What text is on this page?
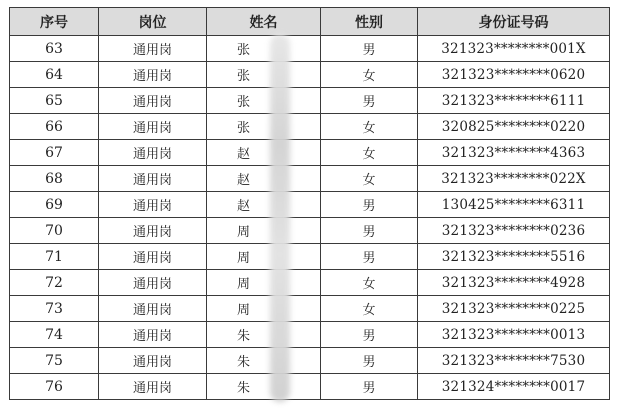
序号	岗位	姓名	性别	身份证号码
63	通用岗	张	男	321323********001X
64	通用岗	张	女	321323********0620
65	通用岗	张	男	321323********6111
66	通用岗	张	女	320825********0220
67	通用岗	赵	女	321323********4363
68	通用岗	赵	女	321323********022X
69	通用岗	赵	男	130425********6311
70	通用岗	周	男	321323********0236
71	通用岗	周	男	321323********5516
72	通用岗	周	女	321323********4928
73	通用岗	周	女	321323********0225
74	通用岗	朱	男	321323********0013
75	通用岗	朱	男	321323********7530
76	通用岗	朱	男	321324********0017
